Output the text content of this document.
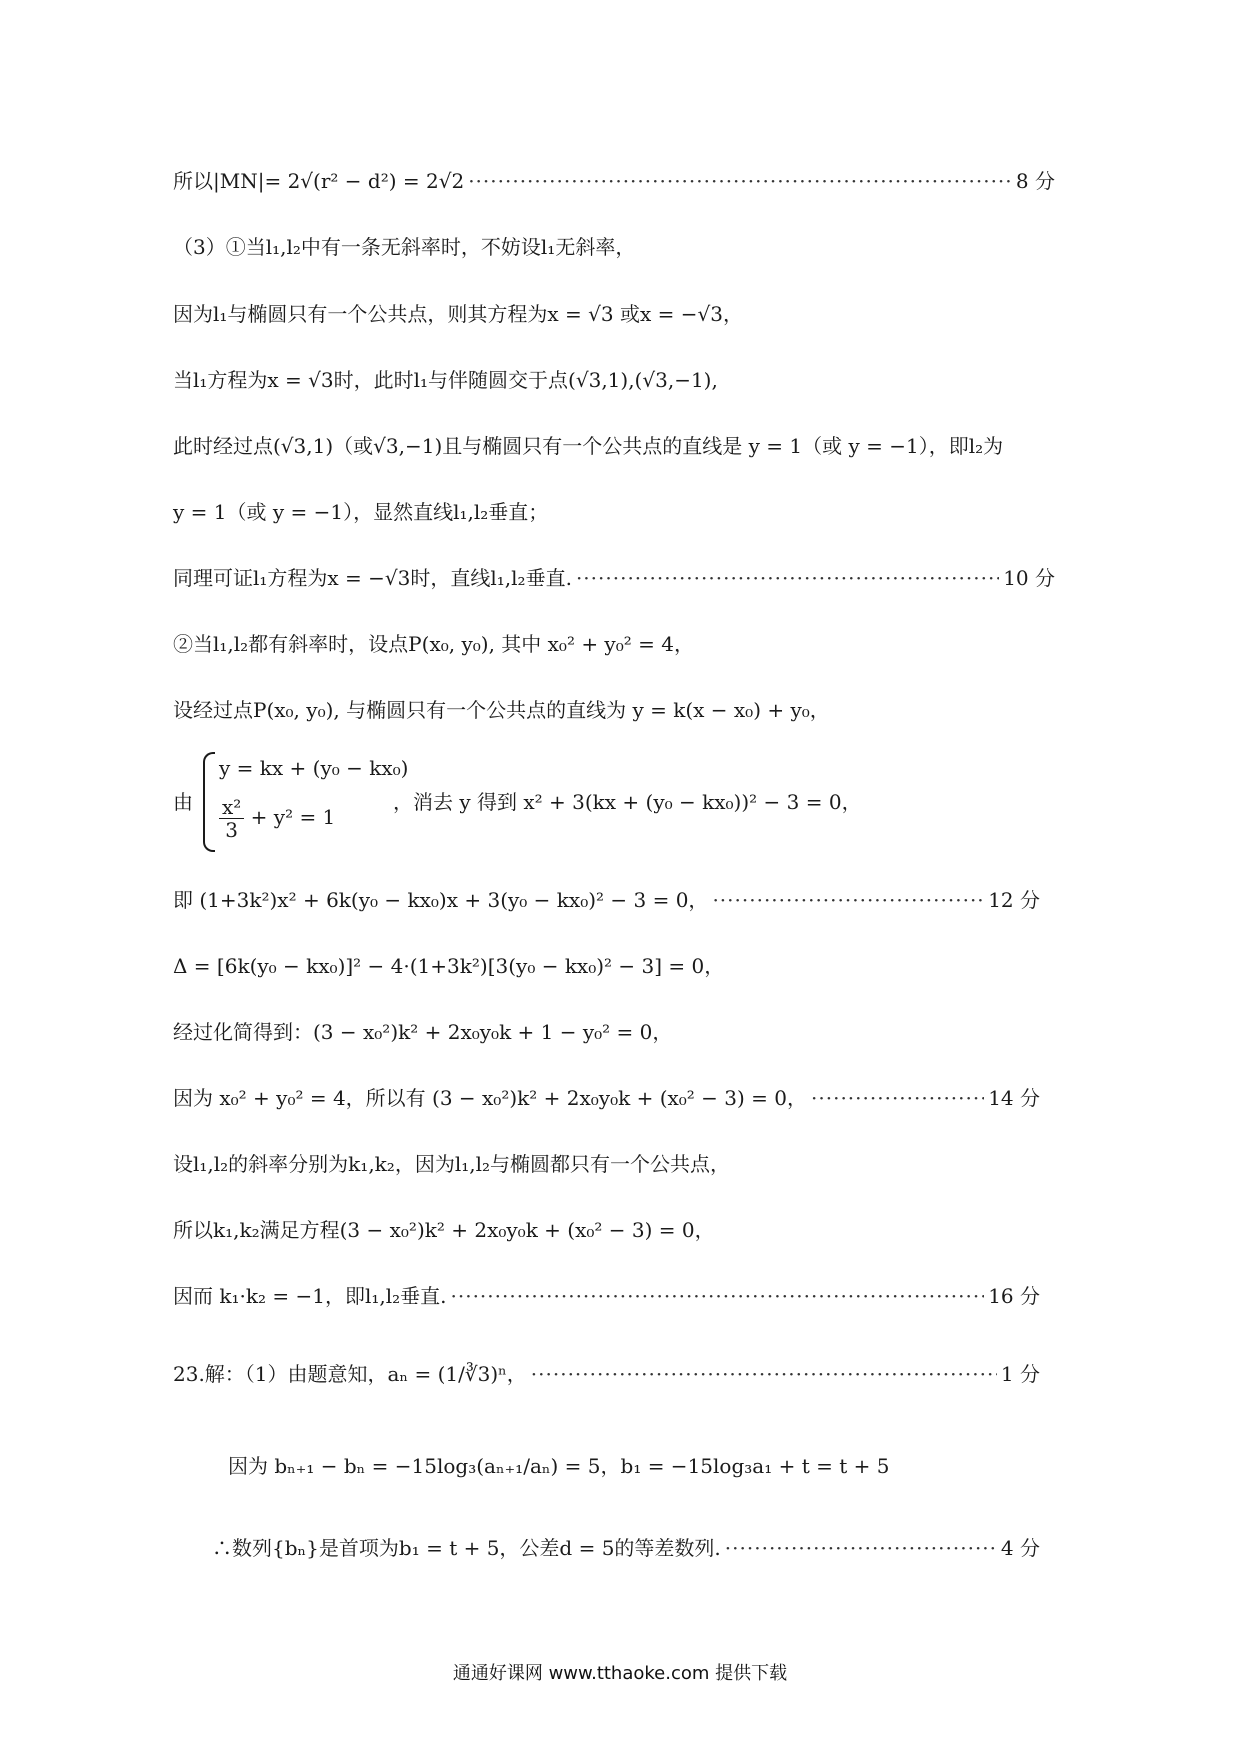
所以|MN|= 2√(r² − d²) = 2√2 ·····	8 分
（3）①当l₁,l₂中有一条无斜率时，不妨设l₁无斜率，
因为l₁与椭圆只有一个公共点，则其方程为x = √3 或x = −√3，
当l₁方程为x = √3时，此时l₁与伴随圆交于点(√3,1),(√3,−1),
此时经过点(√3,1)（或√3,−1)且与椭圆只有一个公共点的直线是 y = 1（或 y = −1），即l₂为
y = 1（或 y = −1），显然直线l₁,l₂垂直；
同理可证l₁方程为x = −√3时，直线l₁,l₂垂直. ·····	10 分
②当l₁,l₂都有斜率时，设点P(x₀, y₀), 其中 x₀² + y₀² = 4，
设经过点P(x₀, y₀), 与椭圆只有一个公共点的直线为 y = k(x − x₀) + y₀，
由
y = kx + (y₀ − kx₀)
$\frac{\text{x²}}{3} + y^2 = 1$
，消去 y 得到 x² + 3(kx + (y₀ − kx₀))² − 3 = 0，
即 (1+3k²)x² + 6k(y₀ − kx₀)x + 3(y₀ − kx₀)² − 3 = 0， ·····	12 分
Δ = [6k(y₀ − kx₀)]² − 4·(1+3k²)[3(y₀ − kx₀)² − 3] = 0，
经过化简得到：(3 − x₀²)k² + 2x₀y₀k + 1 − y₀² = 0，
因为 x₀² + y₀² = 4，所以有 (3 − x₀²)k² + 2x₀y₀k + (x₀² − 3) = 0， ·····	14 分
设l₁,l₂的斜率分别为k₁,k₂，因为l₁,l₂与椭圆都只有一个公共点，
所以k₁,k₂满足方程(3 − x₀²)k² + 2x₀y₀k + (x₀² − 3) = 0，
因而 k₁·k₂ = −1，即l₁,l₂垂直. ·····	16 分
23.解：（1）由题意知，aₙ = (1/∛3)ⁿ， ·····	1 分
因为 bₙ₊₁ − bₙ = −15log₃(aₙ₊₁/aₙ) = 5，b₁ = −15log₃a₁ + t = t + 5
∴数列{bₙ}是首项为b₁ = t + 5，公差d = 5的等差数列. ·····	4 分
通通好课网 www.tthaoke.com 提供下载
